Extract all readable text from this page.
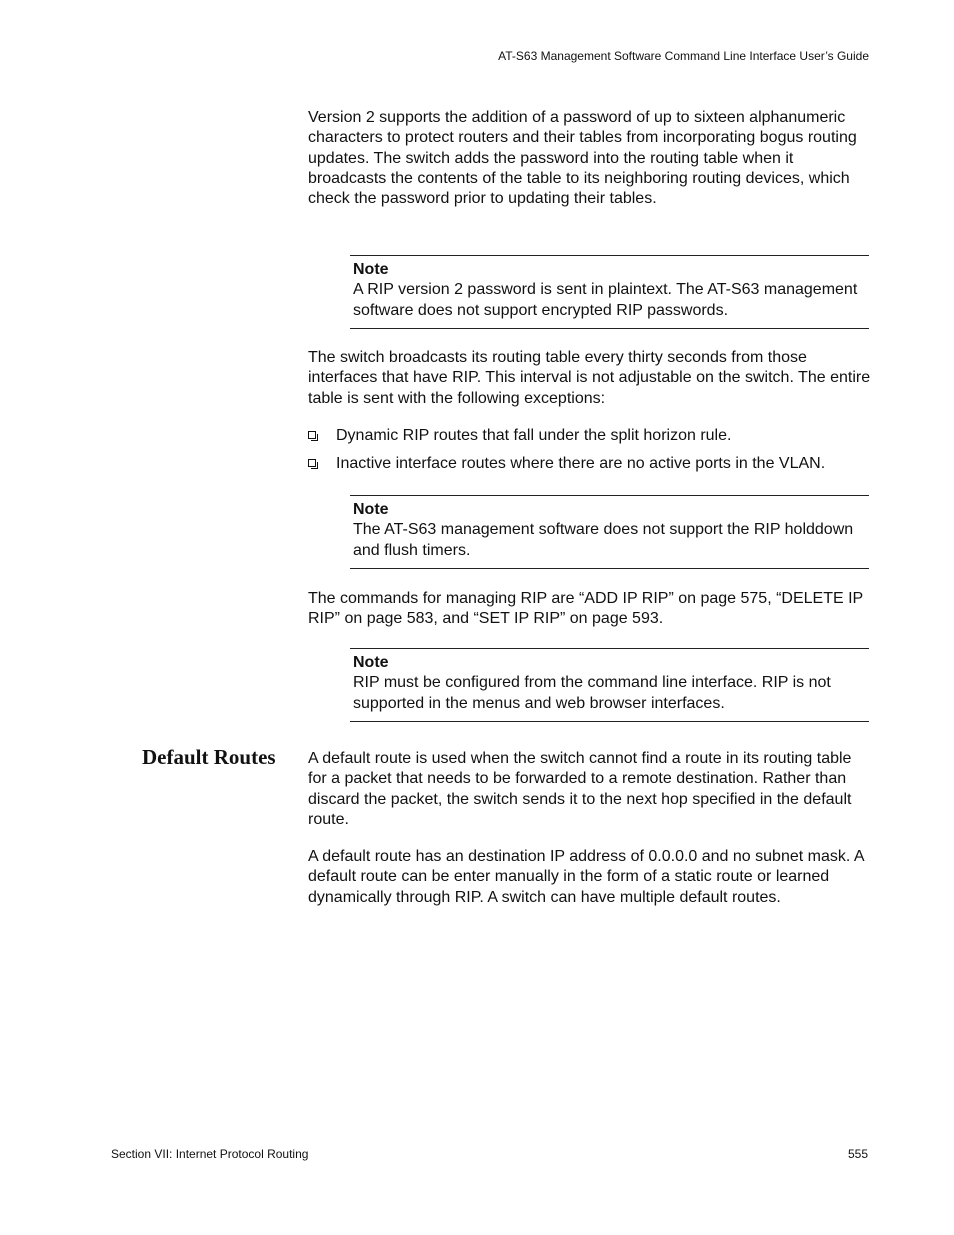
AT-S63 Management Software Command Line Interface User’s Guide

Version 2 supports the addition of a password of up to sixteen alphanumeric characters to protect routers and their tables from incorporating bogus routing updates. The switch adds the password into the routing table when it broadcasts the contents of the table to its neighboring routing devices, which check the password prior to updating their tables.

Note
A RIP version 2 password is sent in plaintext. The AT-S63 management software does not support encrypted RIP passwords.

The switch broadcasts its routing table every thirty seconds from those interfaces that have RIP. This interval is not adjustable on the switch. The entire table is sent with the following exceptions:

Dynamic RIP routes that fall under the split horizon rule.
Inactive interface routes where there are no active ports in the VLAN.
Note
The AT-S63 management software does not support the RIP holddown and flush timers.

The commands for managing RIP are “ADD IP RIP” on page 575, “DELETE IP RIP” on page 583, and “SET IP RIP” on page 593.

Note
RIP must be configured from the command line interface. RIP is not supported in the menus and web browser interfaces.
Default Routes A default route is used when the switch cannot find a route in its routing table for a packet that needs to be forwarded to a remote destination. Rather than discard the packet, the switch sends it to the next hop specified in the default route.

A default route has an destination IP address of 0.0.0.0 and no subnet mask. A default route can be enter manually in the form of a static route or learned dynamically through RIP. A switch can have multiple default routes.

Section VII: Internet Protocol Routing	555
